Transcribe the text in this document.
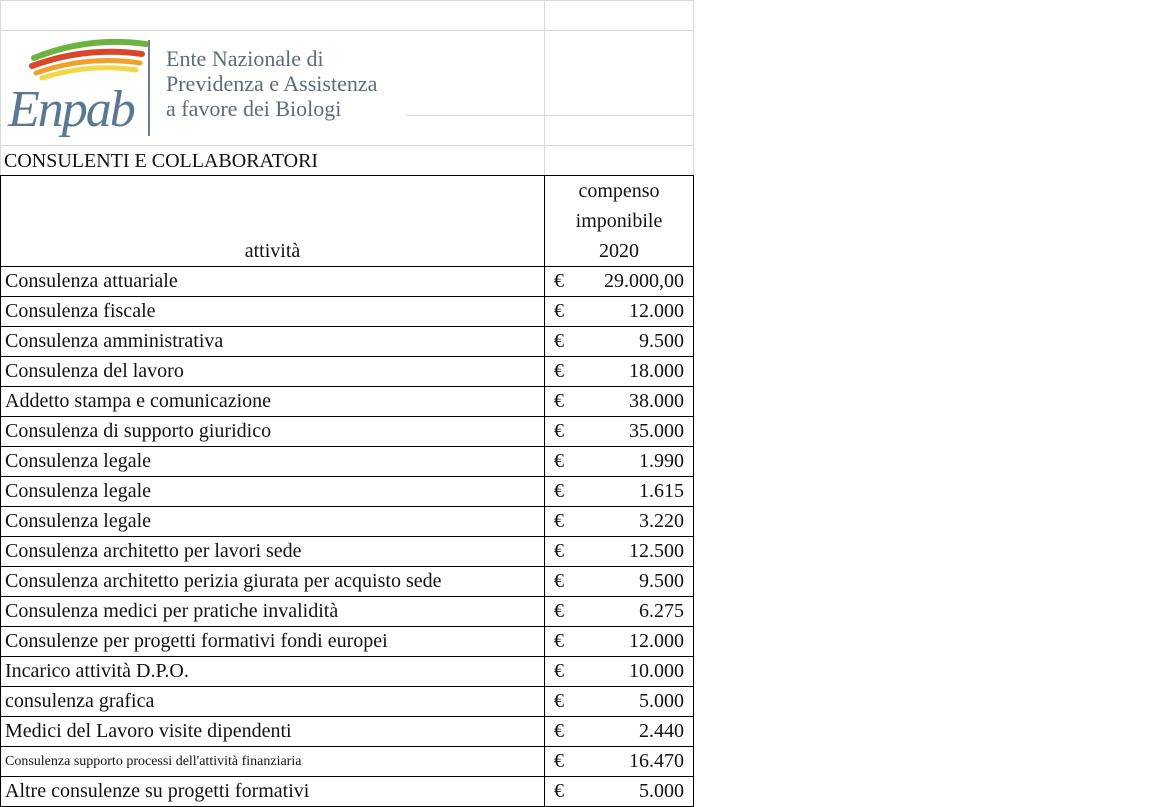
Enpab
Ente Nazionale di
Previdenza e Assistenza
a favore dei Biologi
CONSULENTI E COLLABORATORI
attività	compenso
imponibile
2020

Consulenza attuariale	€ 29.000,00

Consulenza fiscale	€ 12.000

Consulenza amministrativa	€ 9.500

Consulenza del lavoro	€ 18.000

Addetto stampa e comunicazione	€ 38.000

Consulenza di supporto giuridico	€ 35.000

Consulenza legale	€ 1.990

Consulenza legale	€ 1.615

Consulenza legale	€ 3.220

Consulenza architetto per lavori sede	€ 12.500

Consulenza architetto perizia giurata per acquisto sede	€ 9.500

Consulenza medici per pratiche invalidità	€ 6.275

Consulenze per progetti formativi fondi europei	€ 12.000

Incarico attività D.P.O.	€ 10.000

consulenza grafica	€ 5.000

Medici del Lavoro visite dipendenti	€ 2.440

Consulenza supporto processi dell'attività finanziaria	€ 16.470

Altre consulenze su progetti formativi	€ 5.000
